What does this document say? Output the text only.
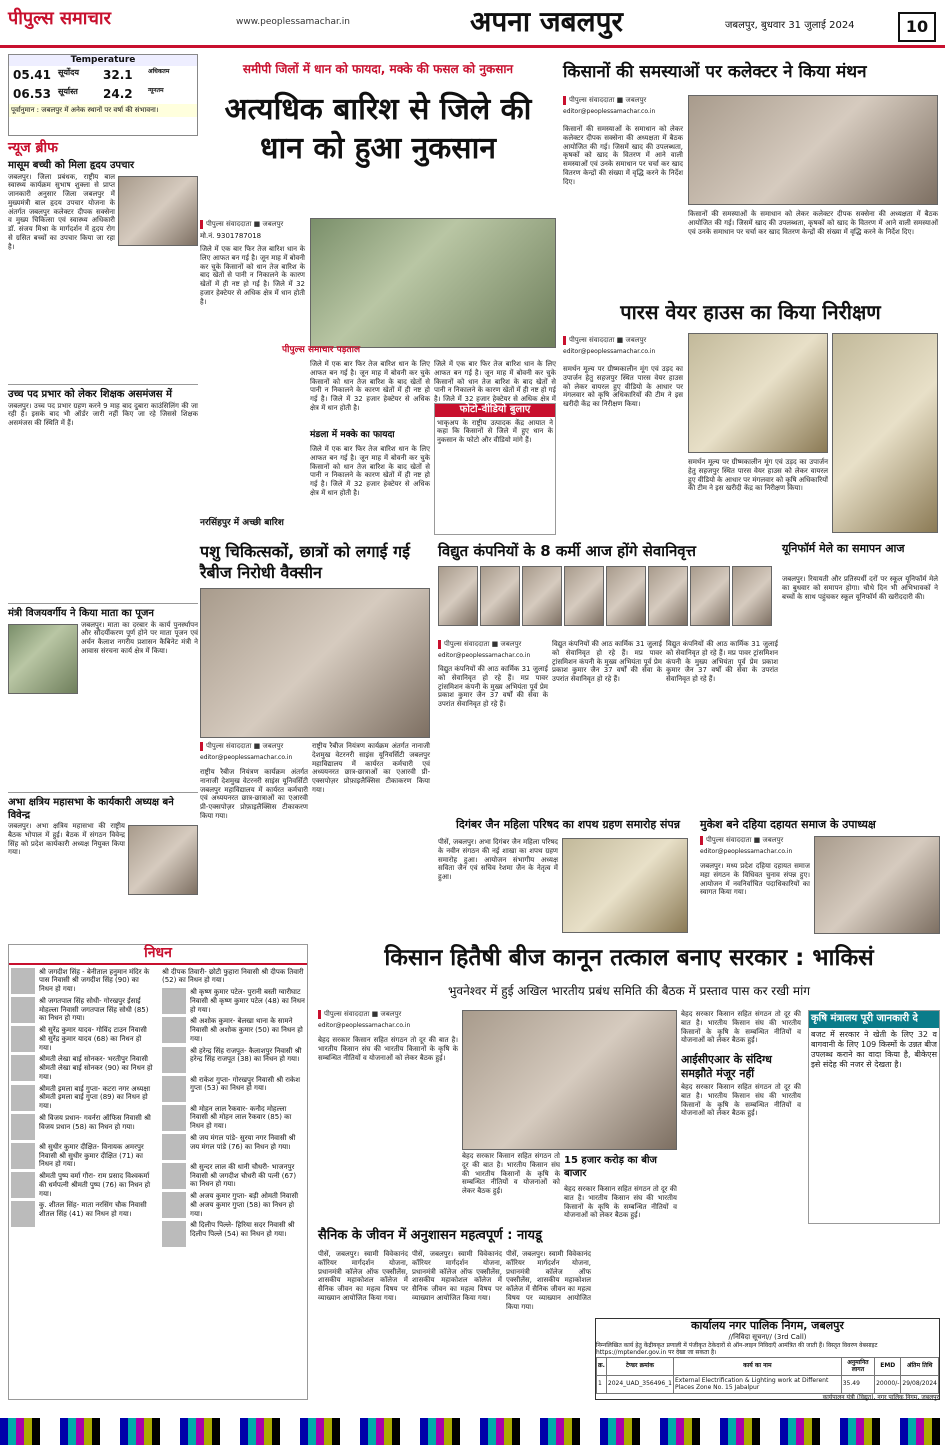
पीपुल्स समाचार	www.peoplessamachar.in	अपना जबलपुर	जबलपुर, बुधवार 31 जुलाई 2024	10
Temperature
05.41 सूर्योदय	32.1	अधिकतम
06.53 सूर्यास्त	24.2	न्यूनतम
पूर्वानुमान : जबलपुर में अनेक स्थानों पर वर्षा की संभावना।
न्यूज ब्रीफ
मासूम बच्ची को मिला हृदय उपचार
जबलपुर। जिला प्रबंधक, राष्ट्रीय बाल स्वास्थ्य कार्यक्रम सुभाष शुक्ला से प्राप्त जानकारी अनुसार जिला जबलपुर में मुख्यमंत्री बाल हृदय उपचार योजना के अंतर्गत जबलपुर कलेक्टर दीपक सक्सेना व मुख्य चिकित्सा एवं स्वास्थ्य अधिकारी डॉ. संजय मिश्रा के मार्गदर्शन में हृदय रोग से ग्रसित बच्चों का उपचार किया जा रहा है।
उच्च पद प्रभार को लेकर शिक्षक असमंजस में
जबलपुर। उच्च पद प्रभार ग्रहण करने 9 माह बाद दुबारा काउंसिलिंग की जा रही है। इसके बाद भी ऑर्डर जारी नहीं किए जा रहे जिससे शिक्षक असमंजस की स्थिति में हैं।
मंत्री विजयवर्गीय ने किया माता का पूजन
जबलपुर। माता का दरबार के कार्य पुनर्स्थापन और सौंदर्यीकरण पूर्ण होने पर माता पूजन एवं अर्चन कैलाश नगरीय प्रशासन कैबिनेट मंत्री ने आवास संरचना कार्य क्षेत्र में किया।
अभा क्षत्रिय महासभा के कार्यकारी अध्यक्ष बने विवेन्द्र
जबलपुर। अभा क्षत्रिय महासभा की राष्ट्रीय बैठक भोपाल में हुई। बैठक में संगठन विवेन्द्र सिंह को प्रदेश कार्यकारी अध्यक्ष नियुक्त किया गया।
समीपी जिलों में धान को फायदा, मक्के की फसल को नुकसान
अत्यधिक बारिश से जिले की धान को हुआ नुकसान
पीपुल्स संवाददाता ■ जबलपुर
मो.नं. 9301787018
पीपुल्स समाचार पड़ताल
जिले में एक बार फिर तेज बारिश धान के लिए आफत बन गई है। जून माह में बोवनी कर चुके किसानों को धान तेज बारिश के बाद खेतों से पानी न निकालने के कारण खेतों में ही नष्ट हो गई है। जिले में 32 हजार हेक्टेयर से अधिक क्षेत्र में धान होती है।
जिले में एक बार फिर तेज बारिश धान के लिए आफत बन गई है। जून माह में बोवनी कर चुके किसानों को धान तेज बारिश के बाद खेतों से पानी न निकालने के कारण खेतों में ही नष्ट हो गई है। जिले में 32 हजार हेक्टेयर से अधिक क्षेत्र में धान होती है।
मंडला में मक्के का फायदा
जिले में एक बार फिर तेज बारिश धान के लिए आफत बन गई है। जून माह में बोवनी कर चुके किसानों को धान तेज बारिश के बाद खेतों से पानी न निकालने के कारण खेतों में ही नष्ट हो गई है। जिले में 32 हजार हेक्टेयर से अधिक क्षेत्र में धान होती है।
नरसिंहपुर में अच्छी बारिश
जिले में एक बार फिर तेज बारिश धान के लिए आफत बन गई है। जून माह में बोवनी कर चुके किसानों को धान तेज बारिश के बाद खेतों से पानी न निकालने के कारण खेतों में ही नष्ट हो गई है। जिले में 32 हजार हेक्टेयर से अधिक क्षेत्र में
फोटो-वीडियो बुलाए
भाकृअप के राष्ट्रीय उत्पादक केंद्र आयात ने कहा कि किसानों से जिले में हुए धान के नुकसान के फोटो और वीडियो मांगे हैं।
किसानों की समस्याओं पर कलेक्टर ने किया मंथन
पीपुल्स संवाददाता ■ जबलपुर
editor@peoplessamachar.co.in
किसानों की समस्याओं के समाधान को लेकर कलेक्टर दीपक सक्सेना की अध्यक्षता में बैठक आयोजित की गई। जिसमें खाद की उपलब्धता, कृषकों को खाद के वितरण में आने वाली समस्याओं एवं उनके समाधान पर चर्चा कर खाद वितरण केन्द्रों की संख्या में वृद्धि करने के निर्देश दिए।
किसानों की समस्याओं के समाधान को लेकर कलेक्टर दीपक सक्सेना की अध्यक्षता में बैठक आयोजित की गई। जिसमें खाद की उपलब्धता, कृषकों को खाद के वितरण में आने वाली समस्याओं एवं उनके समाधान पर चर्चा कर खाद वितरण केन्द्रों की संख्या में वृद्धि करने के निर्देश दिए।
पारस वेयर हाउस का किया निरीक्षण
पीपुल्स संवाददाता ■ जबलपुर
editor@peoplessamachar.co.in
समर्थन मूल्य पर ग्रीष्मकालीन मूंग एवं उड़द का उपार्जन हेतु सहजपुर स्थित पारस वेयर हाउस को लेकर वायरल हुए वीडियो के आधार पर मंगलवार को कृषि अधिकारियों की टीम ने इस खरीदी केंद्र का निरीक्षण किया।
समर्थन मूल्य पर ग्रीष्मकालीन मूंग एवं उड़द का उपार्जन हेतु सहजपुर स्थित पारस वेयर हाउस को लेकर वायरल हुए वीडियो के आधार पर मंगलवार को कृषि अधिकारियों की टीम ने इस खरीदी केंद्र का निरीक्षण किया।
पशु चिकित्सकों, छात्रों को लगाई गई रैबीज निरोधी वैक्सीन
पीपुल्स संवाददाता ■ जबलपुर
editor@peoplessamachar.co.in
राष्ट्रीय रैबीज नियंत्रण कार्यक्रम अंतर्गत नानाजी देशमुख वेटरनरी साइंस यूनिवर्सिटी जबलपुर महाविद्यालय में कार्यरत कर्मचारी एवं अध्ययनरत छात्र-छात्राओं का एआरवी प्री-एक्सपोज़र प्रोफ़ाइलैक्सिस टीकाकरण किया गया।
राष्ट्रीय रैबीज नियंत्रण कार्यक्रम अंतर्गत नानाजी देशमुख वेटरनरी साइंस यूनिवर्सिटी जबलपुर महाविद्यालय में कार्यरत कर्मचारी एवं अध्ययनरत छात्र-छात्राओं का एआरवी प्री-एक्सपोज़र प्रोफ़ाइलैक्सिस टीकाकरण किया गया।
विद्युत कंपनियों के 8 कर्मी आज होंगे सेवानिवृत्त
पीपुल्स संवाददाता ■ जबलपुर
editor@peoplessamachar.co.in
विद्युत कंपनियों की आठ कार्मिक 31 जुलाई को सेवानिवृत हो रहे हैं। मप्र पावर ट्रांसमिशन कंपनी के मुख्य अभियंता पूर्व प्रेम प्रकाश कुमार जैन 37 वर्षों की सेवा के उपरांत सेवानिवृत हो रहे हैं।
विद्युत कंपनियों की आठ कार्मिक 31 जुलाई को सेवानिवृत हो रहे हैं। मप्र पावर ट्रांसमिशन कंपनी के मुख्य अभियंता पूर्व प्रेम प्रकाश कुमार जैन 37 वर्षों की सेवा के उपरांत सेवानिवृत हो रहे हैं।
विद्युत कंपनियों की आठ कार्मिक 31 जुलाई को सेवानिवृत हो रहे हैं। मप्र पावर ट्रांसमिशन कंपनी के मुख्य अभियंता पूर्व प्रेम प्रकाश कुमार जैन 37 वर्षों की सेवा के उपरांत सेवानिवृत हो रहे हैं।
यूनिफॉर्म मेले का समापन आज
जबलपुर। रियायती और प्रतिस्पर्धी दरों पर स्कूल यूनिफॉर्म मेले का बुधवार को समापन होगा। चौथे दिन भी अभिभावकों ने बच्चों के साथ पहुंचकर स्कूल यूनिफॉर्म की खरीददारी की।
दिगंबर जैन महिला परिषद का शपथ ग्रहण समारोह संपन्न
पीसें, जबलपुर। अभा दिगंबर जैन महिला परिषद के नवीन संगठन की नई शाखा का शपथ ग्रहण समारोह हुआ। आयोजन संभागीय अध्यक्ष सविता जैन एवं सचिव रेशमा जैन के नेतृत्व में हुआ।
मुकेश बने दहिया दहायत समाज के उपाध्यक्ष
पीपुल्स संवाददाता ■ जबलपुर
editor@peoplessamachar.co.in
जबलपुर। मध्य प्रदेश दहिया दहायत समाज महा संगठन के विधिवत चुनाव संपन्न हुए। आयोजन में नवनिर्वाचित पदाधिकारियों का स्वागत किया गया।
निधन
श्री जगदीश सिंह - बेनीताल हनुमान मंदिर के पास निवासी श्री जगदीश सिंह (90) का निधन हो गया।
श्री जगतपाल सिंह सोधी- गोरखपुर ईसाई मोहल्ला निवासी जगतपाल सिंह सोधी (85) का निधन हो गया।
श्री सुरेंद्र कुमार यादव- गोविंद टाउन निवासी श्री सुरेंद्र कुमार यादव (68) का निधन हो गया।
श्रीमती लेखा बाई सोनकर- भरतीपुर निवासी श्रीमती लेखा बाई सोनकर (90) का निधन हो गया।
श्रीमती इमला बाई गुप्ता- कटरा नगर अध्यक्षा श्रीमती इमला बाई गुप्ता (89) का निधन हो गया।
श्री विजय प्रधान- गवर्नरा ऑफिस निवासी श्री विजय प्रधान (58) का निधन हो गया।
श्री सुधीर कुमार दीक्षित- विनायक अमरपुर निवासी श्री सुधीर कुमार दीक्षित (71) का निधन हो गया।
श्रीमती पुष्प वर्मा गौरा- राम प्रसाद विश्वकर्मा की धर्मपत्नी श्रीमती पुष्प (76) का निधन हो गया।
कु. शीतल सिंह- माता नरसिंग चौक निवासी शीतल सिंह (41) का निधन हो गया।
श्री दीपक तिवारी- छोटी फुहारा निवासी श्री दीपक तिवारी (52) का निधन हो गया।
श्री कृष्ण कुमार पटेल- पुरानी बस्ती ग्वारीघाट निवासी श्री कृष्ण कुमार पटेल (48) का निधन हो गया।
श्री अशोक कुमार- बेलखा थाना के सामने निवासी श्री अशोक कुमार (50) का निधन हो गया।
श्री हरेन्द्र सिंह राजपूत- कैलाशपुर निवासी श्री हरेन्द्र सिंह राजपूत (38) का निधन हो गया।
श्री राकेश गुप्ता- गोरखपुर निवासी श्री राकेश गुप्ता (53) का निधन हो गया।
श्री मोहन लाल रैकवार- कनौद मोहल्ला निवासी श्री मोहन लाल रैकवार (85) का निधन हो गया।
श्री जय मंगल पांडे- सुरया नगर निवासी श्री जय मंगल पांडे (76) का निधन हो गया।
श्री सुन्दर लाल की धानी चौधरी- भाजनपुर निवासी श्री जगदीश चौधरी की पत्नी (67) का निधन हो गया।
श्री अजय कुमार गुप्ता- बड़ी ओमती निवासी श्री अजय कुमार गुप्ता (58) का निधन हो गया।
श्री दिलीप पिल्ले- हिरिया सदर निवासी श्री दिलीप पिल्ले (54) का निधन हो गया।
किसान हितैषी बीज कानून तत्काल बनाए सरकार : भाकिसं
भुवनेश्वर में हुई अखिल भारतीय प्रबंध समिति की बैठक में प्रस्ताव पास कर रखी मांग
पीपुल्स संवाददाता ■ जबलपुर
editor@peoplessamachar.co.in
बेहद सरकार किसान सहित संगठन तो दूर की बात है। भारतीय किसान संघ की भारतीय किसानों के कृषि के सम्बन्धित नीतियों व योजनाओं को लेकर बैठक हुई।
बेहद सरकार किसान सहित संगठन तो दूर की बात है। भारतीय किसान संघ की भारतीय किसानों के कृषि के सम्बन्धित नीतियों व योजनाओं को लेकर बैठक हुई।
15 हजार करोड़ का बीज बाजार
बेहद सरकार किसान सहित संगठन तो दूर की बात है। भारतीय किसान संघ की भारतीय किसानों के कृषि के सम्बन्धित नीतियों व योजनाओं को लेकर बैठक हुई।
बेहद सरकार किसान सहित संगठन तो दूर की बात है। भारतीय किसान संघ की भारतीय किसानों के कृषि के सम्बन्धित नीतियों व योजनाओं को लेकर बैठक हुई।
आईसीएआर के संदिग्ध समझौते मंजूर नहीं
बेहद सरकार किसान सहित संगठन तो दूर की बात है। भारतीय किसान संघ की भारतीय किसानों के कृषि के सम्बन्धित नीतियों व योजनाओं को लेकर बैठक हुई।
कृषि मंत्रालय पूरी जानकारी दे
बजट में सरकार ने खेती के लिए 32 व बागवानी के लिए 109 किस्मों के उन्नत बीज उपलब्ध कराने का वादा किया है, बीकेएस इसे संदेह की नजर से देखता है।
सैनिक के जीवन में अनुशासन महत्वपूर्ण : नायडू
पीसें, जबलपुर। स्वामी विवेकानंद कॉरियर मार्गदर्शन योजना, प्रधानमंत्री कॉलेज ऑफ एक्सीलेंस, शासकीय महाकोशल कॉलेज में सैनिक जीवन का महत्व विषय पर व्याख्यान आयोजित किया गया।
पीसें, जबलपुर। स्वामी विवेकानंद कॉरियर मार्गदर्शन योजना, प्रधानमंत्री कॉलेज ऑफ एक्सीलेंस, शासकीय महाकोशल कॉलेज में सैनिक जीवन का महत्व विषय पर व्याख्यान आयोजित किया गया।
पीसें, जबलपुर। स्वामी विवेकानंद कॉरियर मार्गदर्शन योजना, प्रधानमंत्री कॉलेज ऑफ एक्सीलेंस, शासकीय महाकोशल कॉलेज में सैनिक जीवन का महत्व विषय पर व्याख्यान आयोजित किया गया।
कार्यालय नगर पालिक निगम, जबलपुर
//निविदा सूचना// (3rd Call)
निम्नलिखित कार्य हेतु केंद्रीयकृत प्रणाली में पंजीकृत ठेकेदारों से ऑन-लाइन निविदाएँ आमंत्रित की जाती हैं। विस्तृत विवरण वेबसाइट https://mptender.gov.in पर देखा जा सकता है।
क्र.	टेण्डर क्रमांक	कार्य का नाम	अनुमानित लागत	EMD	अंतिम तिथि
1	2024_UAD_356496_1	External Electrification & Lighting work at Different Places Zone No. 15 Jabalpur	35.49	20000/-	29/08/2024
कार्यपालन यंत्री (विद्युत), नगर पालिक निगम, जबलपुर
